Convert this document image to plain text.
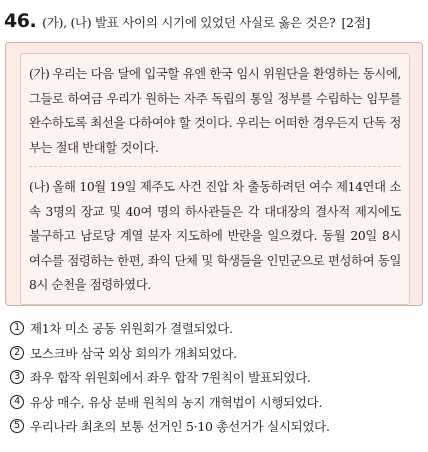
46. (가), (나) 발표 사이의 시기에 있었던 사실로 옳은 것은? [2점]

(가) 우리는 다음 달에 입국할 유엔 한국 임시 위원단을 환영하는 동시에, 그들로 하여금 우리가 원하는 자주 독립의 통일 정부를 수립하는 임무를 완수하도록 최선을 다하여야 할 것이다. 우리는 어떠한 경우든지 단독 정부는 절대 반대할 것이다.

(나) 올해 10월 19일 제주도 사건 진압 차 출동하려던 여수 제14연대 소속 3명의 장교 및 40여 명의 하사관들은 각 대대장의 결사적 제지에도 불구하고 남로당 계열 분자 지도하에 반란을 일으켰다. 동월 20일 8시 여수를 점령하는 한편, 좌익 단체 및 학생들을 인민군으로 편성하여 동일 8시 순천을 점령하였다.

1 제1차 미소 공동 위원회가 결렬되었다.
2 모스크바 삼국 외상 회의가 개최되었다.
3 좌우 합작 위원회에서 좌우 합작 7원칙이 발표되었다.
4 유상 매수, 유상 분배 원칙의 농지 개혁법이 시행되었다.
5 우리나라 최초의 보통 선거인 5·10 총선거가 실시되었다.
